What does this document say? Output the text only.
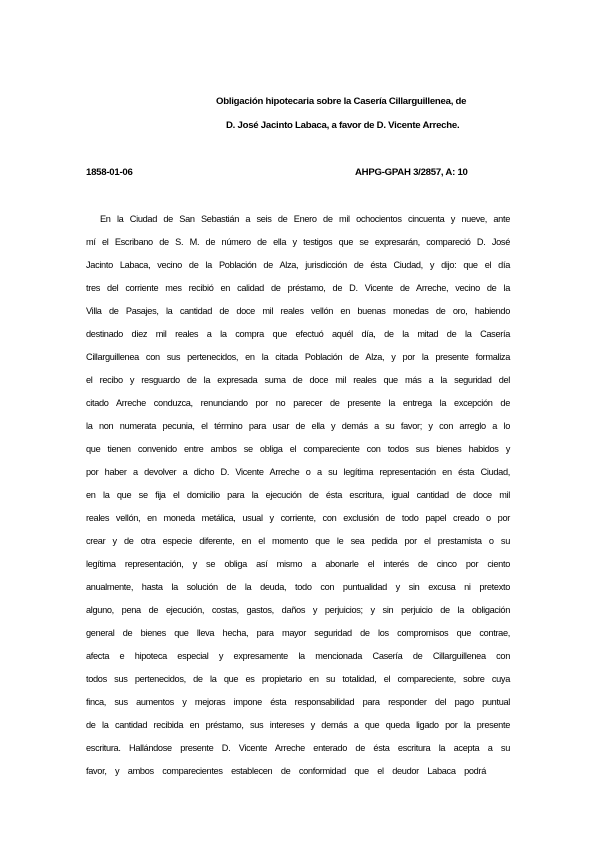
Obligación hipotecaria sobre la Casería Cillarguillenea, de
D. José Jacinto Labaca, a favor de D. Vicente Arreche.
1858-01-06	AHPG-GPAH 3/2857, A: 10
En la Ciudad de San Sebastián a seis de Enero de mil ochocientos cincuenta y nueve, ante
mí el Escribano de S. M. de número de ella y testigos que se expresarán, compareció D. José
Jacinto Labaca, vecino de la Población de Alza, jurisdicción de ésta Ciudad, y dijo: que el día
tres del corriente mes recibió en calidad de préstamo, de D. Vicente de Arreche, vecino de la
Villa de Pasajes, la cantidad de doce mil reales vellón en buenas monedas de oro, habiendo
destinado diez mil reales a la compra que efectuó aquél día, de la mitad de la Casería
Cillarguillenea con sus pertenecidos, en la citada Población de Alza, y por la presente formaliza
el recibo y resguardo de la expresada suma de doce mil reales que más a la seguridad del
citado Arreche conduzca, renunciando por no parecer de presente la entrega la excepción de
la non numerata pecunia, el término para usar de ella y demás a su favor; y con arreglo a lo
que tienen convenido entre ambos se obliga el compareciente con todos sus bienes habidos y
por haber a devolver a dicho D. Vicente Arreche o a su legítima representación en ésta Ciudad,
en la que se fija el domicilio para la ejecución de ésta escritura, igual cantidad de doce mil
reales vellón, en moneda metálica, usual y corriente, con exclusión de todo papel creado o por
crear y de otra especie diferente, en el momento que le sea pedida por el prestamista o su
legítima representación, y se obliga así mismo a abonarle el interés de cinco por ciento
anualmente, hasta la solución de la deuda, todo con puntualidad y sin excusa ni pretexto
alguno, pena de ejecución, costas, gastos, daños y perjuicios; y sin perjuicio de la obligación
general de bienes que lleva hecha, para mayor seguridad de los compromisos que contrae,
afecta e hipoteca especial y expresamente la mencionada Casería de Cillarguillenea con
todos sus pertenecidos, de la que es propietario en su totalidad, el compareciente, sobre cuya
finca, sus aumentos y mejoras impone ésta responsabilidad para responder del pago puntual
de la cantidad recibida en préstamo, sus intereses y demás a que queda ligado por la presente
escritura. Hallándose presente D. Vicente Arreche enterado de ésta escritura la acepta a su
favor, y ambos comparecientes establecen de conformidad que el deudor Labaca podrá
